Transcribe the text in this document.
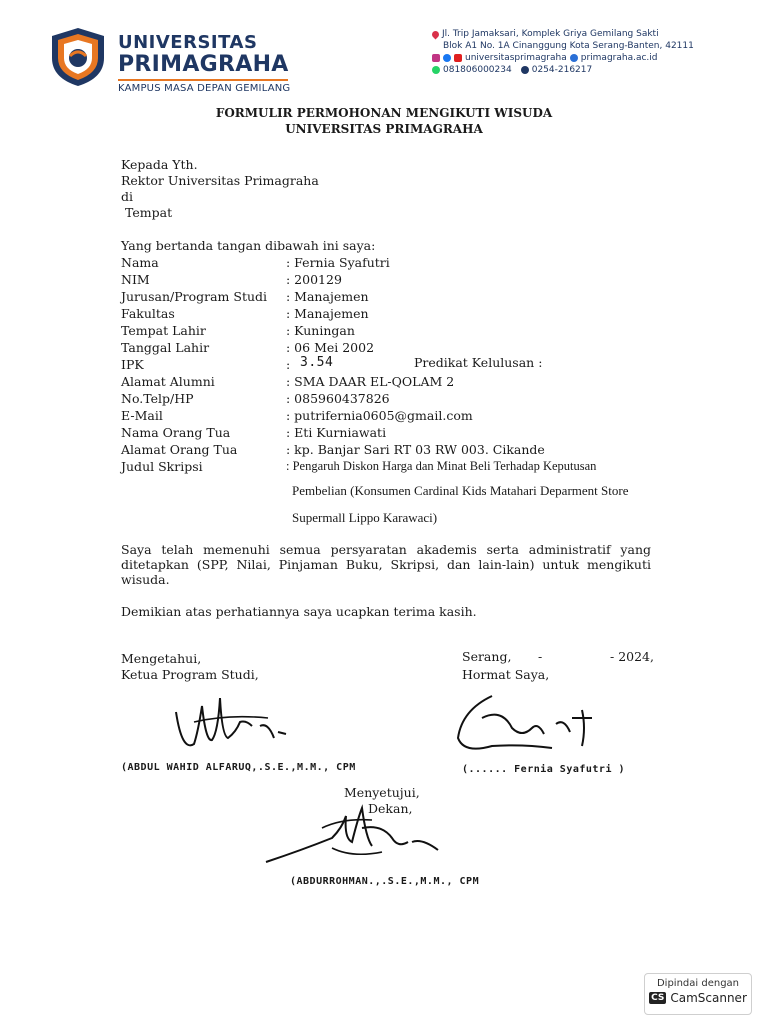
UNIVERSITAS
PRIMAGRAHA
KAMPUS MASA DEPAN GEMILANG
Jl. Trip Jamaksari, Komplek Griya Gemilang Sakti
Blok A1 No. 1A Cinanggung Kota Serang-Banten, 42111
universitasprimagraha primagraha.ac.id
081806000234 0254-216217
FORMULIR PERMOHONAN MENGIKUTI WISUDA
UNIVERSITAS PRIMAGRAHA
Kepada Yth.
Rektor Universitas Primagraha
di
Tempat
Yang bertanda tangan dibawah ini saya:
Nama	: Fernia Syafutri
NIM	: 200129
Jurusan/Program Studi : Manajemen
Fakultas	: Manajemen
Tempat Lahir	: Kuningan
Tanggal Lahir	: 06 Mei 2002
IPK	: 3.54	Predikat Kelulusan :
Alamat Alumni	: SMA DAAR EL-QOLAM 2
No.Telp/HP	: 085960437826
E-Mail	: putrifernia0605@gmail.com
Nama Orang Tua	: Eti Kurniawati
Alamat Orang Tua	: kp. Banjar Sari RT 03 RW 003. Cikande
Judul Skripsi	: Pengaruh Diskon Harga dan Minat Beli Terhadap Keputusan
Pembelian (Konsumen Cardinal Kids Matahari Deparment Store
Supermall Lippo Karawaci)
Saya telah memenuhi semua persyaratan akademis serta administratif yang ditetapkan (SPP, Nilai, Pinjaman Buku, Skripsi, dan lain-lain) untuk mengikuti wisuda.
Demikian atas perhatiannya saya ucapkan terima kasih.
Mengetahui,
Ketua Program Studi,
Serang, -	- 2024,
Hormat Saya,
(ABDUL WAHID ALFARUQ,.S.E.,M.M., CPM	(...... Fernia Syafutri )
Menyetujui,
Dekan,
(ABDURROHMAN.,.S.E.,M.M., CPM
Dipindai dengan
CS CamScanner
